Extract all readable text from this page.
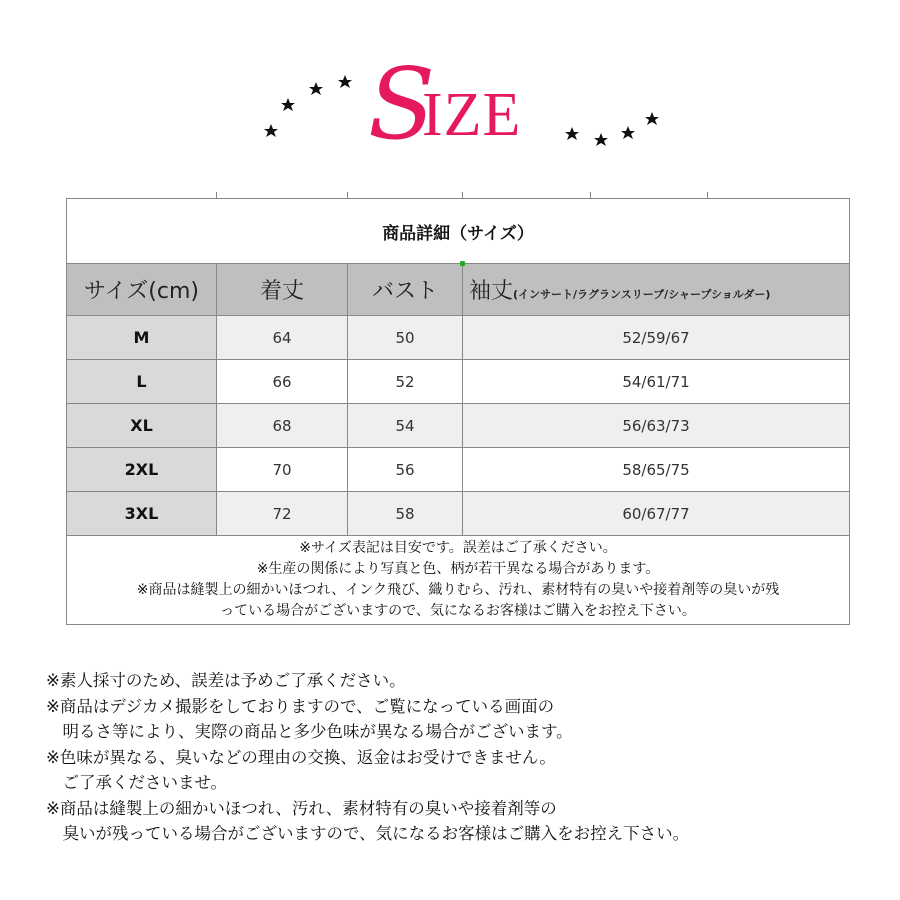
S
IZE
商品詳細（サイズ）			
サイズ(cm)	着丈	バスト	袖丈(インサート/ラグランスリーブ/シャープショルダー)
M	64	50	52/59/67
L	66	52	54/61/71
XL	68	54	56/63/73
2XL	70	56	58/65/75
3XL	72	58	60/67/77

※サイズ表記は目安です。誤差はご了承ください。
※生産の関係により写真と色、柄が若干異なる場合があります。
※商品は縫製上の細かいほつれ、インク飛び、織りむら、汚れ、素材特有の臭いや接着剤等の臭いが残
っている場合がございますので、気になるお客様はご購入をお控え下さい。			
※素人採寸のため、誤差は予めご了承ください。
※商品はデジカメ撮影をしておりますので、ご覧になっている画面の
　明るさ等により、実際の商品と多少色味が異なる場合がございます。
※色味が異なる、臭いなどの理由の交換、返金はお受けできません。
　ご了承くださいませ。
※商品は縫製上の細かいほつれ、汚れ、素材特有の臭いや接着剤等の
　臭いが残っている場合がございますので、気になるお客様はご購入をお控え下さい。
